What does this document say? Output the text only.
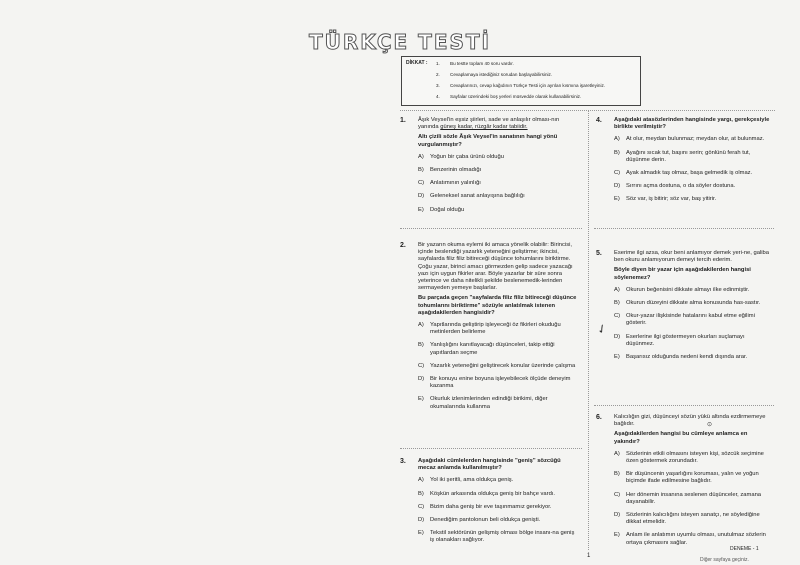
TÜRKÇE TESTİ
DİKKAT : 1. Bu testte toplam 40 soru vardır.
2. Cevaplamaya istediğiniz sorudan başlayabilirsiniz.
3. Cevaplarınızı, cevap kağıdının Türkçe Testi için ayrılan kısmına işaretleyiniz.
4. Sayfalar üzerindeki boş yerleri müsvedde olarak kullanabilirsiniz.
1. Âşık Veysel'in eşsiz şiirleri, sade ve anlaşılır olması-nın yanında güneş kadar, rüzgâr kadar tabiidir.

Altı çizili sözle Âşık Veysel'in sanatının hangi yönü vurgulanmıştır?

A) Yoğun bir çaba ürünü olduğu
B) Benzerinin olmadığı
C) Anlatımının yalınlığı
D) Geleneksel sanat anlayışına bağlılığı
E) Doğal olduğu
2. Bir yazarın okuma eylemi iki amaca yönelik olabilir: Birincisi, içinde beslendiği yazarlık yeteneğini geliştirme; ikincisi, sayfalarda filiz filiz bitireceği düşünce tohumlarını biriktirme. Çoğu yazar, birinci amacı görmezden gelip sadece yazacağı yazı için uygun fikirler arar. Böyle yazarlar bir süre sonra yeterince ve daha nitelikli şekilde beslenemedik-lerinden sermayeden yemeye başlarlar.

Bu parçada geçen "sayfalarda filiz filiz bitireceği düşünce tohumlarını biriktirme" sözüyle anlatılmak istenen aşağıdakilerden hangisidir?

A) Yapıtlarında geliştirip işleyeceği öz fikirleri okuduğu metinlerden belirleme
B) Yanlışlığını kanıtlayacağı düşünceleri, takip ettiği yapıtlardan seçme
C) Yazarlık yeteneğini geliştirecek konular üzerinde çalışma
D) Bir konuyu enine boyuna işleyebilecek ölçüde deneyim kazanma
E) Okurluk izlenimlerinden edindiği birikimi, diğer okumalarında kullanma
3. Aşağıdaki cümlelerden hangisinde "geniş" sözcüğü mecaz anlamda kullanılmıştır?

A) Yol iki şeritli, ama oldukça geniş.
B) Köşkün arkasında oldukça geniş bir bahçe vardı.
C) Bizim daha geniş bir eve taşınmamız gerekiyor.
D) Denediğim pantolonun beli oldukça genişti.
E) Tekstil sektörünün gelişmiş olması bölge insanı-na geniş iş olanakları sağlıyor.
4. Aşağıdaki atasözlerinden hangisinde yargı, gerekçesiyle birlikte verilmiştir?

A) At olur, meydan bulunmaz; meydan olur, at bulunmaz.
B) Ayağını sıcak tut, başını serin; gönlünü ferah tut, düşünme derin.
C) Ayak almadık taş olmaz, başa gelmedik iş olmaz.
D) Sırrını açma dostuna, o da söyler dostuna.
E) Söz var, iş bitirir; söz var, baş yitirir.
5. Eserime ilgi azsa, okur beni anlamıyor demek yeri-ne, galiba ben okuru anlamıyorum demeyi tercih ederim.

Böyle diyen bir yazar için aşağıdakilerden hangisi söylenemez?

A) Okurun beğenisini dikkate almayı ilke edinmiştir.
B) Okurun düzeyini dikkate alma konusunda has-sastır.
C) Okur-yazar ilişkisinde hatalarını kabul etme eğilimi gösterir.
D) Eserlerine ilgi göstermeyen okurları suçlamayı düşünmez.
E) Başarısız olduğunda nedeni kendi dışında arar.
6. Kalıcılığın gizi, düşünceyi sözün yükü altında ezdirmemeye bağlıdır.

Aşağıdakilerden hangisi bu cümleye anlamca en yakındır?

A) Sözlerinin etkili olmasını isteyen kişi, sözcük seçimine özen göstermek zorundadır.
B) Bir düşüncenin yaşarlığını koruması, yalın ve yoğun biçimde ifade edilmesine bağlıdır.
C) Her dönemin insanına seslenen düşünceler, zamana dayanabilir.
D) Sözlerinin kalıcılığını isteyen sanatçı, ne söylediğine dikkat etmelidir.
E) Anlam ile anlatımın uyumlu olması, unutulmaz sözlerin ortaya çıkmasını sağlar.
✓
⊙
1
DENEME - 1
Diğer sayfaya geçiniz.
